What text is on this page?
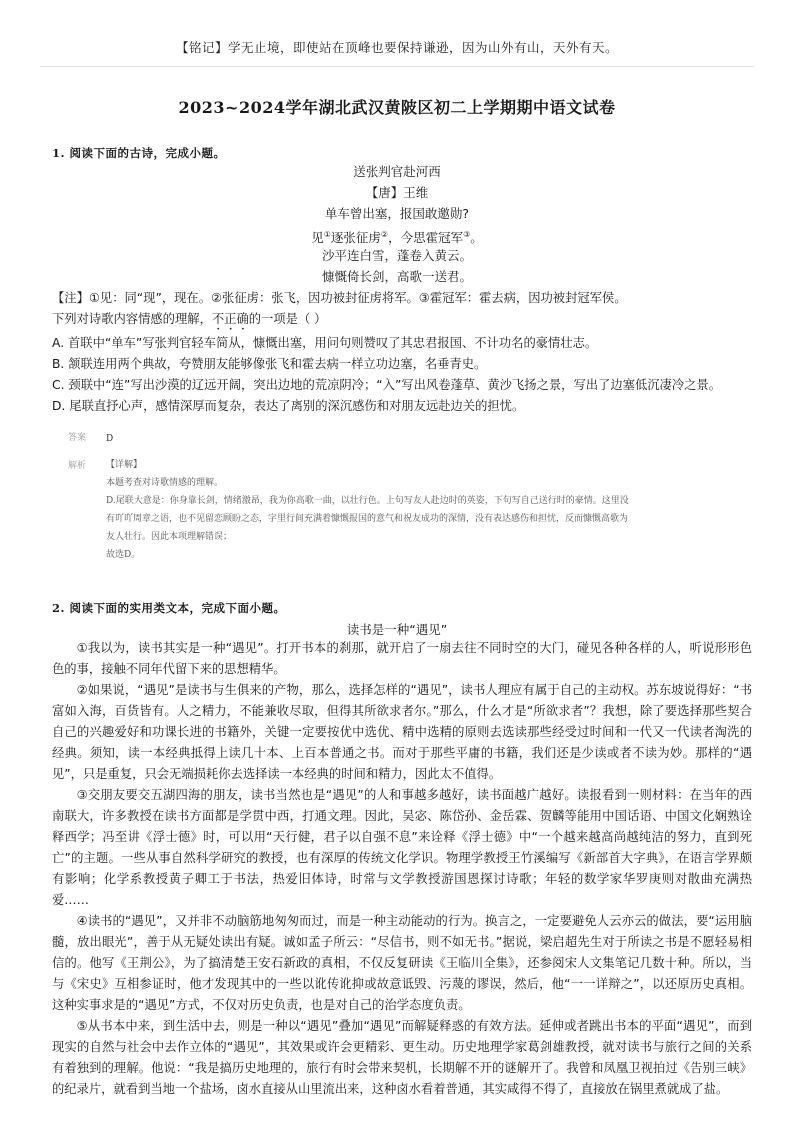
【铭记】学无止境，即使站在顶峰也要保持谦逊，因为山外有山，天外有天。
2023~2024学年湖北武汉黄陂区初二上学期期中语文试卷
1. 阅读下面的古诗，完成小题。
送张判官赴河西
【唐】王维
单车曾出塞，报国敢邀勋?
见①逐张征虏②，今思霍冠军③。
沙平连白雪，蓬卷入黄云。
慷慨倚长剑，高歌一送君。

【注】①见：同“现”，现在。②张征虏：张飞，因功被封征虏将军。③霍冠军：霍去病，因功被封冠军侯。

下列对诗歌内容情感的理解，不正确的一项是（ ）

A. 首联中“单车”写张判官轻车简从，慷慨出塞，用问句则赞叹了其忠君报国、不计功名的豪情壮志。

B. 颔联连用两个典故，夸赞朋友能够像张飞和霍去病一样立功边塞，名垂青史。

C. 颈联中“连”写出沙漠的辽远开阔，突出边地的荒凉阴冷；“入”写出风卷蓬草、黄沙飞扬之景，写出了边塞低沉凄冷之景。

D. 尾联直抒心声，感情深厚而复杂，表达了离别的深沉感伤和对朋友远赴边关的担忧。

答案 D
解析 【详解】
本题考查对诗歌情感的理解。
D.尾联大意是：你身靠长剑，情绪激昂，我为你高歌一曲，以壮行色。上句写友人赴边时的英姿，下句写自己送行时的豪情。这里没
有吖吖周章之语，也不见留恋顾盼之态，字里行间充满着慷慨报国的意气和祝友成功的深情，没有表达感伤和担忧，反而慷慨高歌为
友人壮行。因此本项理解错误；
故选D。
2. 阅读下面的实用类文本，完成下面小题。
读书是一种“遇见”

①我以为，读书其实是一种“遇见”。打开书本的刹那，就开启了一扇去往不同时空的大门，碰见各种各样的人，听说形形色色的事，接触不同年代留下来的思想精华。

②如果说，“遇见”是读书与生俱来的产物，那么，选择怎样的“遇见”，读书人理应有属于自己的主动权。苏东坡说得好：“书富如入海，百货皆有。人之精力，不能兼收尽取，但得其所欲求者尔。”那么，什么才是“所欲求者”？我想，除了要选择那些契合自己的兴趣爱好和功课长进的书籍外，关键一定要按优中选优、精中选精的原则去选读那些经受过时间和一代又一代读者淘洗的经典。须知，读一本经典抵得上读几十本、上百本普通之书。而对于那些平庸的书籍，我们还是少读或者不读为妙。那样的“遇见”，只是重复，只会无端损耗你去选择读一本经典的时间和精力，因此太不值得。

③交朋友要交五湖四海的朋友，读书当然也是“遇见”的人和事越多越好，读书面越广越好。读报看到一则材料：在当年的西南联大，许多教授在读书方面都是学贯中西，打通文理。因此，吴宓、陈岱孙、金岳霖、贺麟等能用中国话语、中国文化娴熟诠释西学；冯至讲《浮士德》时，可以用“天行健，君子以自强不息”来诠释《浮士德》中“一个越来越高尚越纯洁的努力，直到死亡”的主题。一些从事自然科学研究的教授，也有深厚的传统文化学识。物理学教授王竹溪编写《新部首大字典》，在语言学界颇有影响；化学系教授黄子卿工于书法，热爱旧体诗，时常与文学教授游国恩探讨诗歌；年轻的数学家华罗庚则对散曲充满热爱……

④读书的“遇见”，又并非不动脑筋地匆匆而过，而是一种主动能动的行为。换言之，一定要避免人云亦云的做法，要“运用脑髓，放出眼光”，善于从无疑处读出有疑。诚如孟子所云：“尽信书，则不如无书。”据说，梁启超先生对于所读之书是不愿轻易相信的。他写《王荆公》，为了搞清楚王安石新政的真相，不仅反复研读《王临川全集》，还参阅宋人文集笔记几数十种。所以，当与《宋史》互相参证时，他才发现其中的一些以讹传讹抑或故意诋毁、污蔑的谬误，然后，他“一一详辩之”，以还原历史真相。这种实事求是的“遇见”方式，不仅对历史负责，也是对自己的治学态度负责。

⑤从书本中来，到生活中去，则是一种以“遇见”叠加“遇见”而解疑释惑的有效方法。延伸或者跳出书本的平面“遇见”，而到现实的自然与社会中去作立体的“遇见”，其效果或许会更精彩、更生动。历史地理学家葛剑雄教授，就对读书与旅行之间的关系有着独到的理解。他说：“我是搞历史地理的，旅行有时会带来契机，长期解不开的谜解开了。我曾和凤凰卫视拍过《告别三峡》的纪录片，就看到当地一个盐场，卤水直接从山里流出来，这种卤水看着普通，其实咸得不得了，直接放在锅里煮就成了盐。
